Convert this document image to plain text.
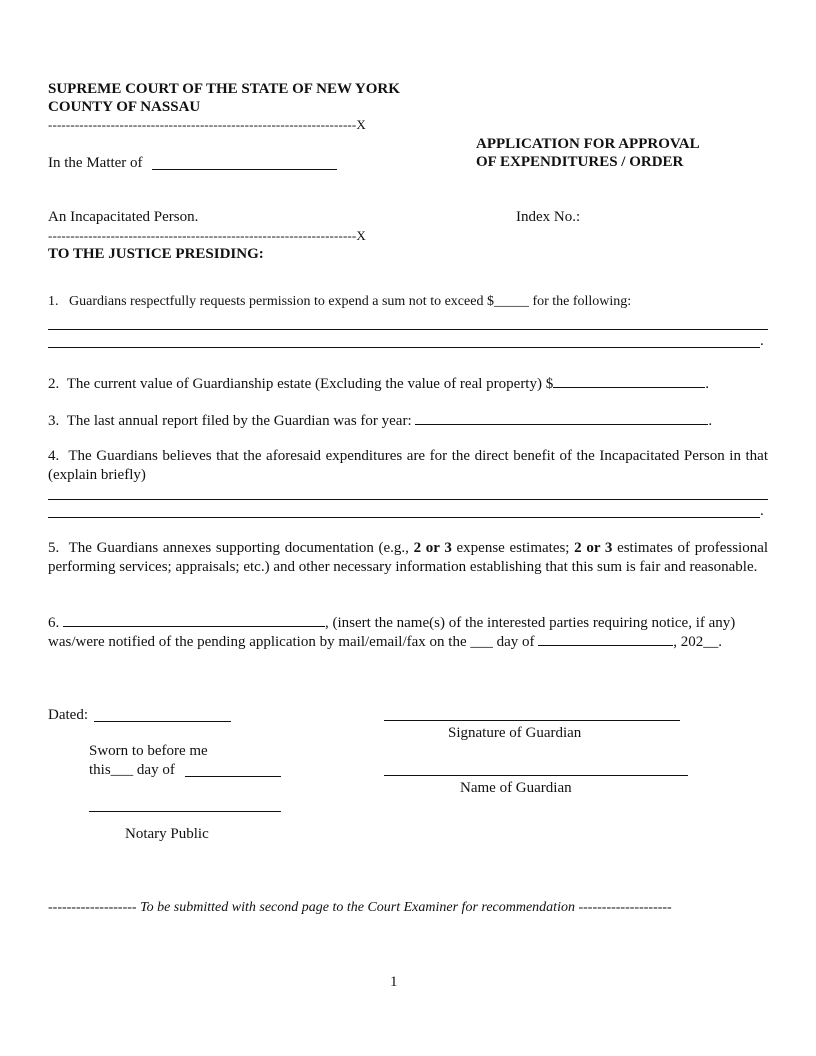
SUPREME COURT OF THE STATE OF NEW YORK
COUNTY OF NASSAU
---------------------------------------------------------------------X
APPLICATION FOR APPROVAL
OF EXPENDITURES / ORDER
In the Matter of
An Incapacitated Person.	Index No.:
---------------------------------------------------------------------X
TO THE JUSTICE PRESIDING:
1. Guardians respectfully requests permission to expend a sum not to exceed $_____ for the following:
.
2. The current value of Guardianship estate (Excluding the value of real property) $	.
3. The last annual report filed by the Guardian was for year:	.
4. The Guardians believes that the aforesaid expenditures are for the direct benefit of the Incapacitated Person in that (explain briefly)
.
5. The Guardians annexes supporting documentation (e.g., 2 or 3 expense estimates; 2 or 3 estimates of professional performing services; appraisals; etc.) and other necessary information establishing that this sum is fair and reasonable.
6.	, (insert the name(s) of the interested parties requiring notice, if any)
was/were notified of the pending application by mail/email/fax on the ___ day of	, 202__.
Dated:
Signature of Guardian
Sworn to before me
this___ day of
Name of Guardian
Notary Public
------------------- To be submitted with second page to the Court Examiner for recommendation --------------------
1
